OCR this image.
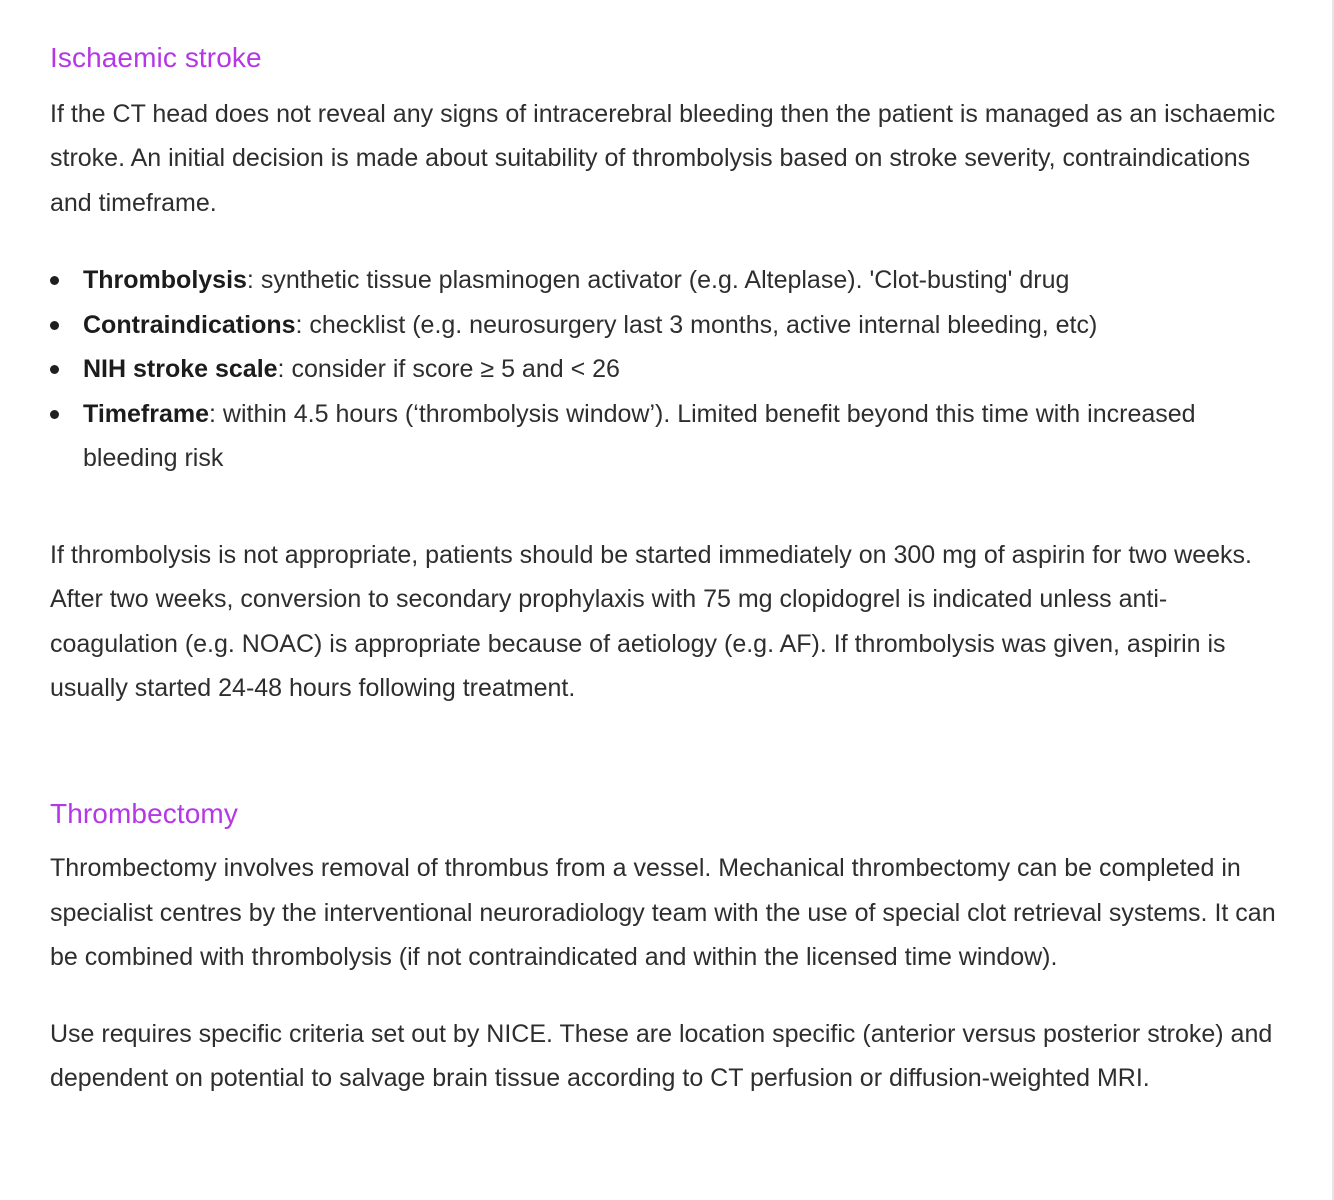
Ischaemic stroke

If the CT head does not reveal any signs of intracerebral bleeding then the patient is managed as an ischaemic stroke. An initial decision is made about suitability of thrombolysis based on stroke severity, contraindications and timeframe.

Thrombolysis: synthetic tissue plasminogen activator (e.g. Alteplase). 'Clot-busting' drug
Contraindications: checklist (e.g. neurosurgery last 3 months, active internal bleeding, etc)
NIH stroke scale: consider if score ≥ 5 and < 26
Timeframe: within 4.5 hours (‘thrombolysis window’). Limited benefit beyond this time with increased bleeding risk

If thrombolysis is not appropriate, patients should be started immediately on 300 mg of aspirin for two weeks. After two weeks, conversion to secondary prophylaxis with 75 mg clopidogrel is indicated unless anti-coagulation (e.g. NOAC) is appropriate because of aetiology (e.g. AF). If thrombolysis was given, aspirin is usually started 24-48 hours following treatment.

Thrombectomy

Thrombectomy involves removal of thrombus from a vessel. Mechanical thrombectomy can be completed in specialist centres by the interventional neuroradiology team with the use of special clot retrieval systems. It can be combined with thrombolysis (if not contraindicated and within the licensed time window).

Use requires specific criteria set out by NICE. These are location specific (anterior versus posterior stroke) and dependent on potential to salvage brain tissue according to CT perfusion or diffusion-weighted MRI.
